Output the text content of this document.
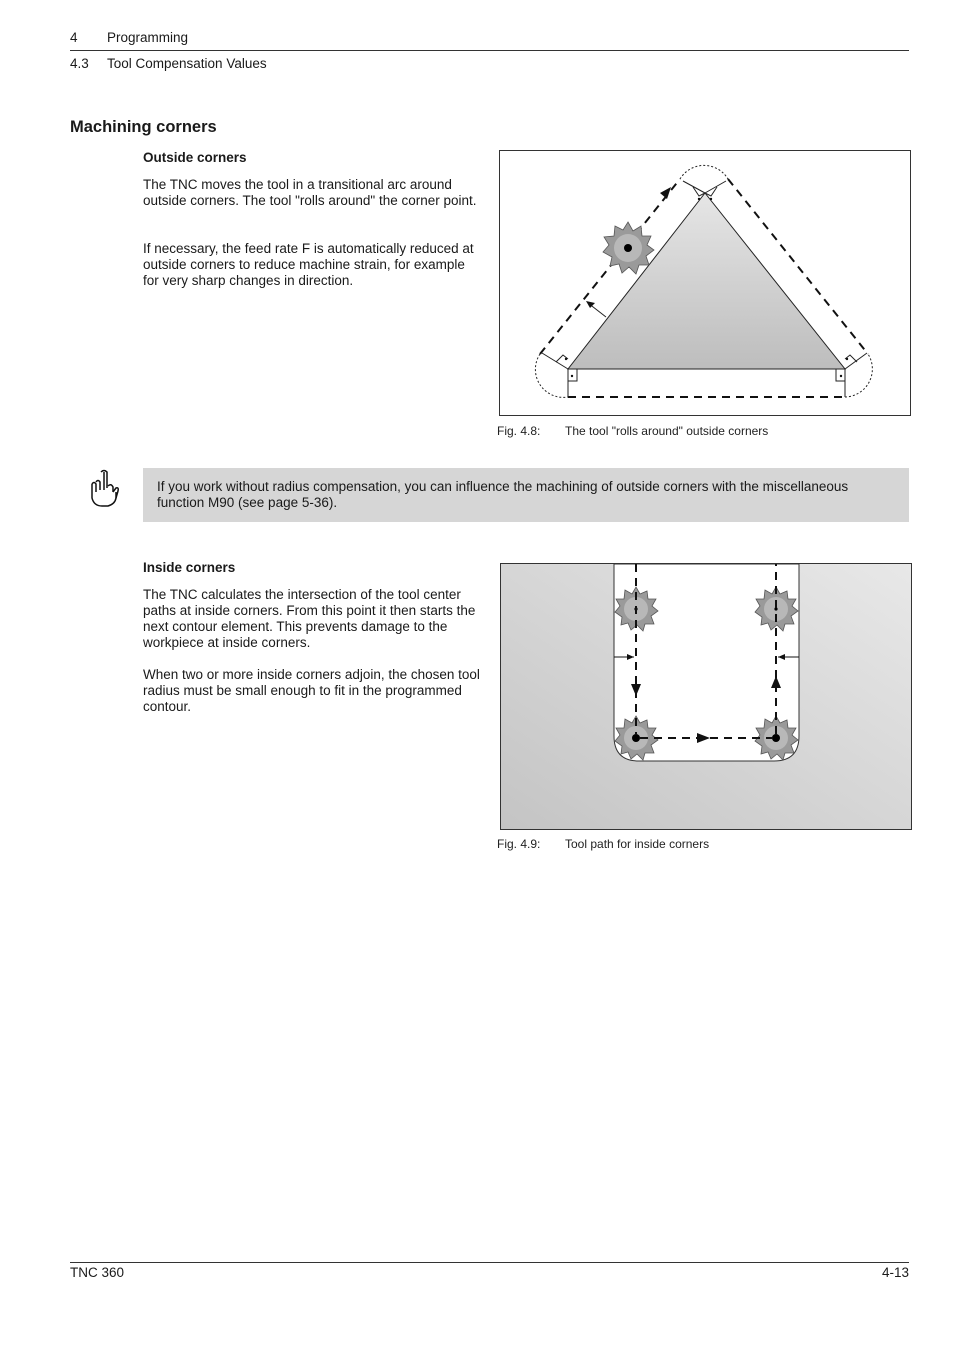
4 Programming
4.3 Tool Compensation Values
Machining corners
Outside corners

The TNC moves the tool in a transitional arc around outside corners. The tool "rolls around" the corner point.

If necessary, the feed rate F is automatically reduced at outside corners to reduce machine strain, for example for very sharp changes in direction.

Fig. 4.8: The tool "rolls around" outside corners
If you work without radius compensation, you can influence the machining of outside corners with the miscellaneous function M90 (see page 5-36).
Inside corners

The TNC calculates the intersection of the tool center paths at inside corners. From this point it then starts the next contour element. This prevents damage to the workpiece at inside corners.

When two or more inside corners adjoin, the chosen tool radius must be small enough to fit in the programmed contour.

Fig. 4.9: Tool path for inside corners
TNC 360	4-13
